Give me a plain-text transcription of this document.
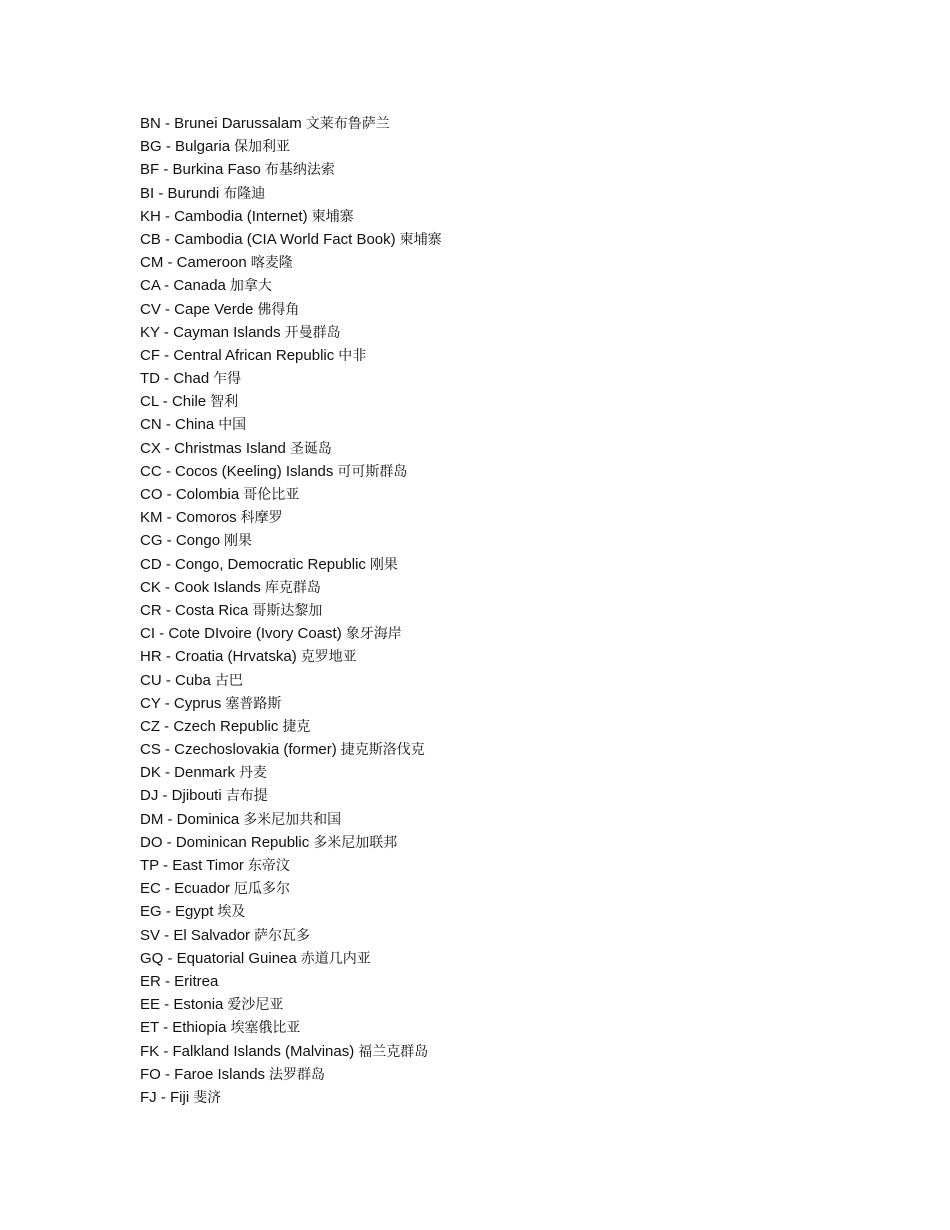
BN - Brunei Darussalam 文莱布鲁萨兰
BG - Bulgaria 保加利亚
BF - Burkina Faso 布基纳法索
BI - Burundi 布隆迪
KH - Cambodia (Internet) 柬埔寨
CB - Cambodia (CIA World Fact Book) 柬埔寨
CM - Cameroon 喀麦隆
CA - Canada 加拿大
CV - Cape Verde 佛得角
KY - Cayman Islands 开曼群岛
CF - Central African Republic 中非
TD - Chad 乍得
CL - Chile 智利
CN - China 中国
CX - Christmas Island 圣诞岛
CC - Cocos (Keeling) Islands 可可斯群岛
CO - Colombia 哥伦比亚
KM - Comoros 科摩罗
CG - Congo 刚果
CD - Congo, Democratic Republic 刚果
CK - Cook Islands 库克群岛
CR - Costa Rica 哥斯达黎加
CI - Cote DIvoire (Ivory Coast) 象牙海岸
HR - Croatia (Hrvatska) 克罗地亚
CU - Cuba 古巴
CY - Cyprus 塞普路斯
CZ - Czech Republic 捷克
CS - Czechoslovakia (former) 捷克斯洛伐克
DK - Denmark 丹麦
DJ - Djibouti 吉布提
DM - Dominica 多米尼加共和国
DO - Dominican Republic 多米尼加联邦
TP - East Timor 东帝汶
EC - Ecuador 厄瓜多尔
EG - Egypt 埃及
SV - El Salvador 萨尔瓦多
GQ - Equatorial Guinea 赤道几内亚
ER - Eritrea
EE - Estonia 爱沙尼亚
ET - Ethiopia 埃塞俄比亚
FK - Falkland Islands (Malvinas) 福兰克群岛
FO - Faroe Islands 法罗群岛
FJ - Fiji 斐济
